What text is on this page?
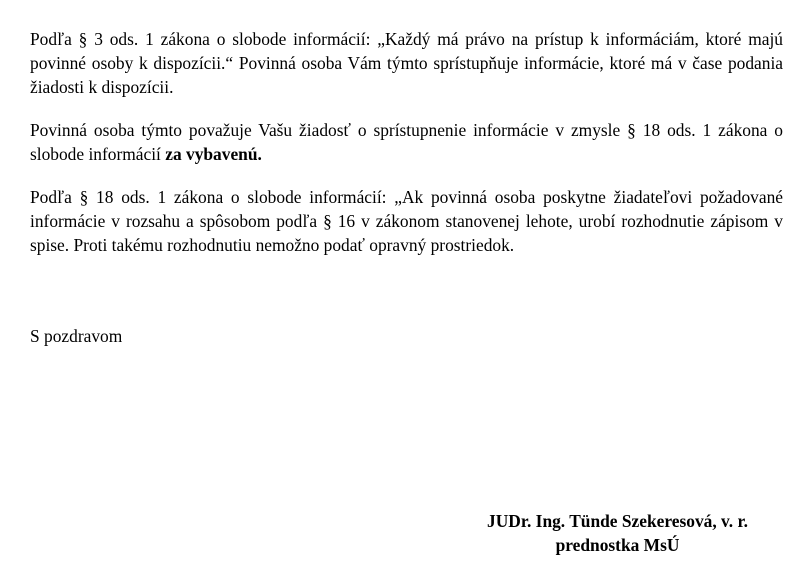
Podľa § 3 ods. 1 zákona o slobode informácií: „Každý má právo na prístup k informáciám, ktoré majú povinné osoby k dispozícii.“ Povinná osoba Vám týmto sprístupňuje informácie, ktoré má v čase podania žiadosti k dispozícii.

Povinná osoba týmto považuje Vašu žiadosť o sprístupnenie informácie v zmysle § 18 ods. 1 zákona o slobode informácií za vybavenú.

Podľa § 18 ods. 1 zákona o slobode informácií: „Ak povinná osoba poskytne žiadateľovi požadované informácie v rozsahu a spôsobom podľa § 16 v zákonom stanovenej lehote, urobí rozhodnutie zápisom v spise. Proti takému rozhodnutiu nemožno podať opravný prostriedok.

S pozdravom

JUDr. Ing. Tünde Szekeresová, v. r.
prednostka MsÚ
